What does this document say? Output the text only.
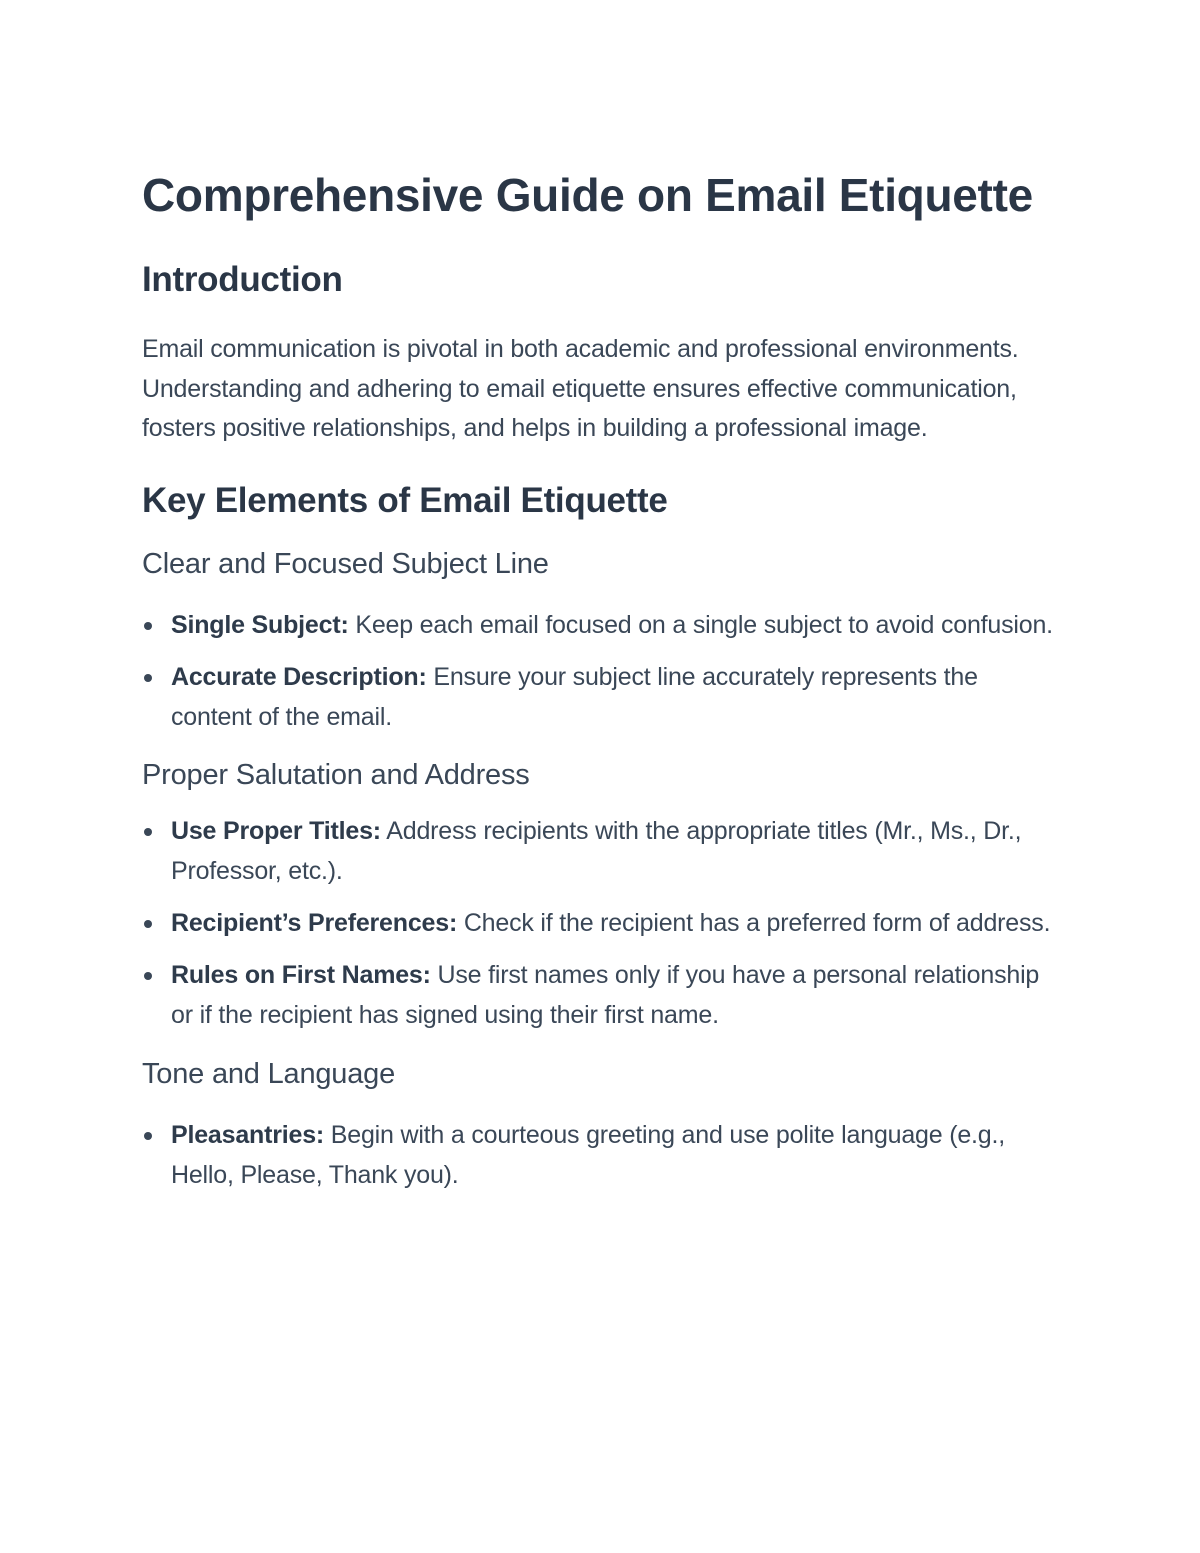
Comprehensive Guide on Email Etiquette
Introduction

Email communication is pivotal in both academic and professional environments. Understanding and adhering to email etiquette ensures effective communication, fosters positive relationships, and helps in building a professional image.

Key Elements of Email Etiquette
Clear and Focused Subject Line
Single Subject: Keep each email focused on a single subject to avoid confusion.
Accurate Description: Ensure your subject line accurately represents the content of the email.
Proper Salutation and Address
Use Proper Titles: Address recipients with the appropriate titles (Mr., Ms., Dr., Professor, etc.).
Recipient’s Preferences: Check if the recipient has a preferred form of address.
Rules on First Names: Use first names only if you have a personal relationship or if the recipient has signed using their first name.
Tone and Language
Pleasantries: Begin with a courteous greeting and use polite language (e.g., Hello, Please, Thank you).
